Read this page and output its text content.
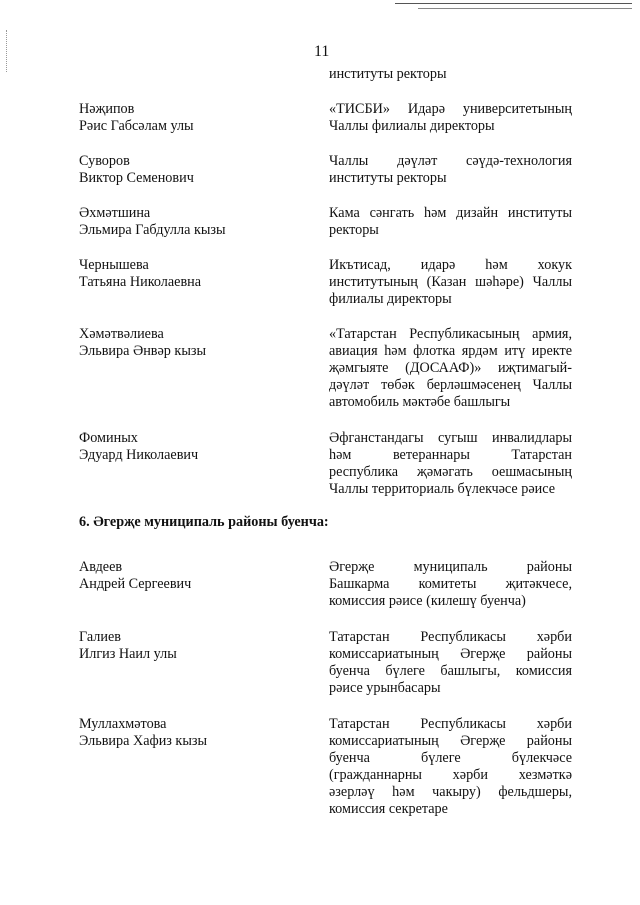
11
институты ректоры
Нәҗипов
Рәис Габсәлам улы
«ТИСБИ» Идарә университетының
Чаллы филиалы директоры
Суворов
Виктор Семенович
Чаллы дәүләт сәүдә-технология
институты ректоры
Әхмәтшина
Эльмира Габдулла кызы
Кама сәнгать һәм дизайн институты
ректоры
Чернышева
Татьяна Николаевна
Икътисад, идарә һәм хокук
институтының (Казан шәһәре) Чаллы
филиалы директоры
Хәмәтвәлиева
Эльвира Әнвәр кызы
«Татарстан Республикасының армия,
авиация һәм флотка ярдәм итү иректе
җәмгыяте (ДОСААФ)» иҗтимагый-
дәүләт төбәк берләшмәсенең Чаллы
автомобиль мәктәбе башлыгы
Фоминых
Эдуард Николаевич
Әфганстандагы сугыш инвалидлары
һәм ветераннары Татарстан
республика җәмәгать оешмасының
Чаллы территориаль бүлекчәсе рәисе
6. Әгерҗе муниципаль районы буенча:
Авдеев
Андрей Сергеевич
Әгерҗе муниципаль районы
Башкарма комитеты җитәкчесе,
комиссия рәисе (килешү буенча)
Галиев
Илгиз Наил улы
Татарстан Республикасы хәрби
комиссариатының Әгерҗе районы
буенча бүлеге башлыгы, комиссия
рәисе урынбасары
Муллахмәтова
Эльвира Хафиз кызы
Татарстан Республикасы хәрби
комиссариатының Әгерҗе районы
буенча бүлеге бүлекчәсе
(гражданнарны хәрби хезмәткә
әзерләү һәм чакыру) фельдшеры,
комиссия секретаре
